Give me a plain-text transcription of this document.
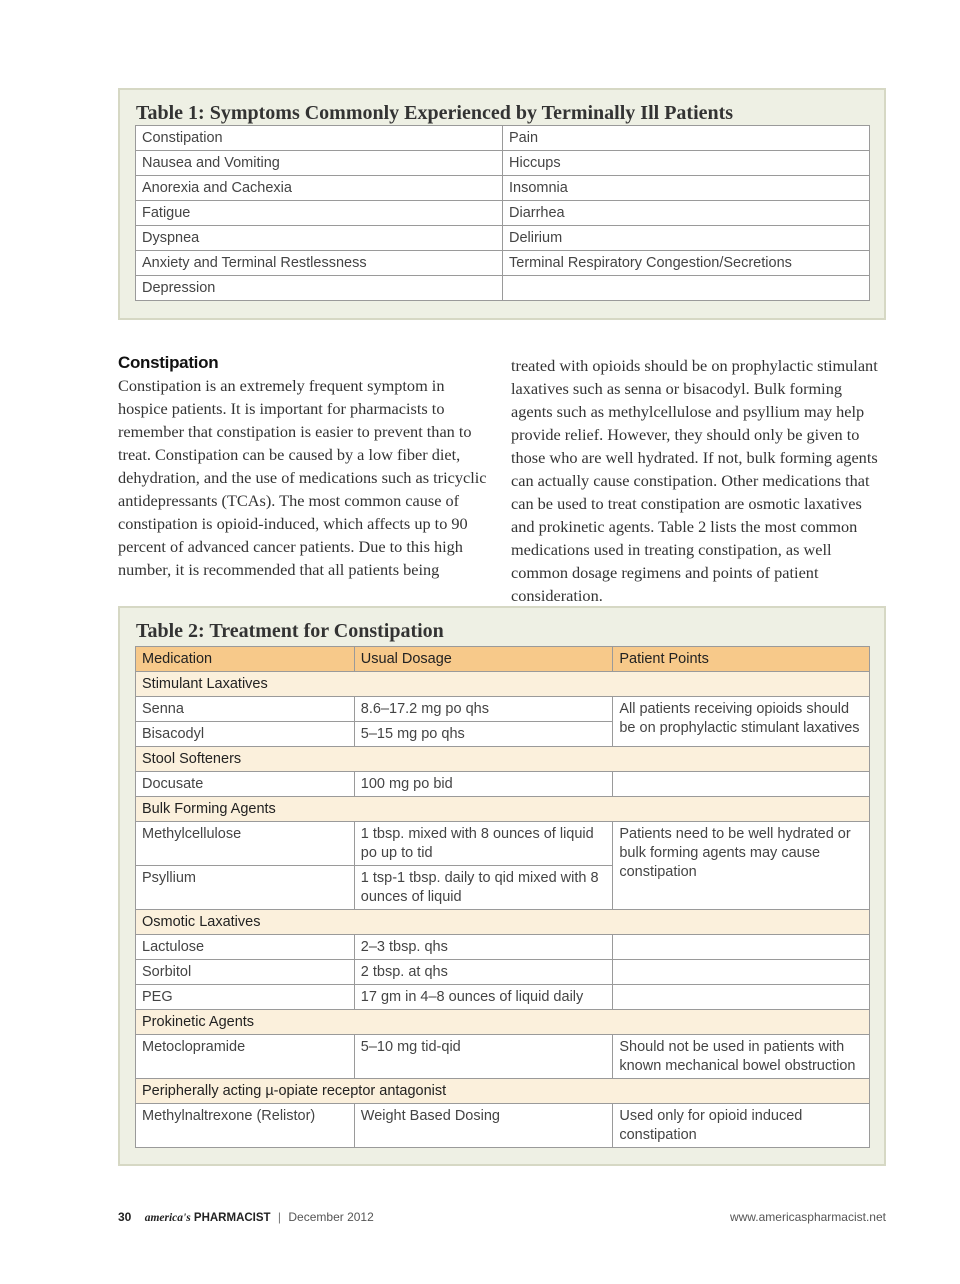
Table 1: Symptoms Commonly Experienced by Terminally Ill Patients
Constipation	Pain
Nausea and Vomiting	Hiccups
Anorexia and Cachexia	Insomnia
Fatigue	Diarrhea
Dyspnea	Delirium
Anxiety and Terminal Restlessness	Terminal Respiratory Congestion/Secretions
Depression	
Constipation

Constipation is an extremely frequent symptom in hospice patients. It is important for pharmacists to remember that constipation is easier to prevent than to treat. Constipation can be caused by a low fiber diet, dehydration, and the use of medications such as tricyclic antidepressants (TCAs). The most common cause of constipation is opioid-induced, which affects up to 90 percent of advanced cancer patients. Due to this high number, it is recommended that all patients being

treated with opioids should be on prophylactic stimulant laxatives such as senna or bisacodyl. Bulk forming agents such as methylcellulose and psyllium may help provide relief. However, they should only be given to those who are well hydrated. If not, bulk forming agents can actually cause constipation. Other medications that can be used to treat constipation are osmotic laxatives and prokinetic agents. Table 2 lists the most common medications used in treating constipation, as well common dosage regimens and points of patient consideration.

Table 2: Treatment for Constipation
Medication	Usual Dosage	Patient Points
Stimulant Laxatives		
Senna	8.6–17.2 mg po qhs	All patients receiving opioids should be on prophylactic stimulant laxatives
Bisacodyl	5–15 mg po qhs	
Stool Softeners		
Docusate	100 mg po bid	
Bulk Forming Agents		
Methylcellulose	1 tbsp. mixed with 8 ounces of liquid po up to tid	Patients need to be well hydrated or bulk forming agents may cause constipation
Psyllium	1 tsp-1 tbsp. daily to qid mixed with 8 ounces of liquid	
Osmotic Laxatives		
Lactulose	2–3 tbsp. qhs	
Sorbitol	2 tbsp. at qhs	
PEG	17 gm in 4–8 ounces of liquid daily	
Prokinetic Agents		
Metoclopramide	5–10 mg tid-qid	Should not be used in patients with known mechanical bowel obstruction
Peripherally acting µ-opiate receptor antagonist		
Methylnaltrexone (Relistor)	Weight Based Dosing	Used only for opioid induced constipation
30 america's PHARMACIST | December 2012	www.americaspharmacist.net
